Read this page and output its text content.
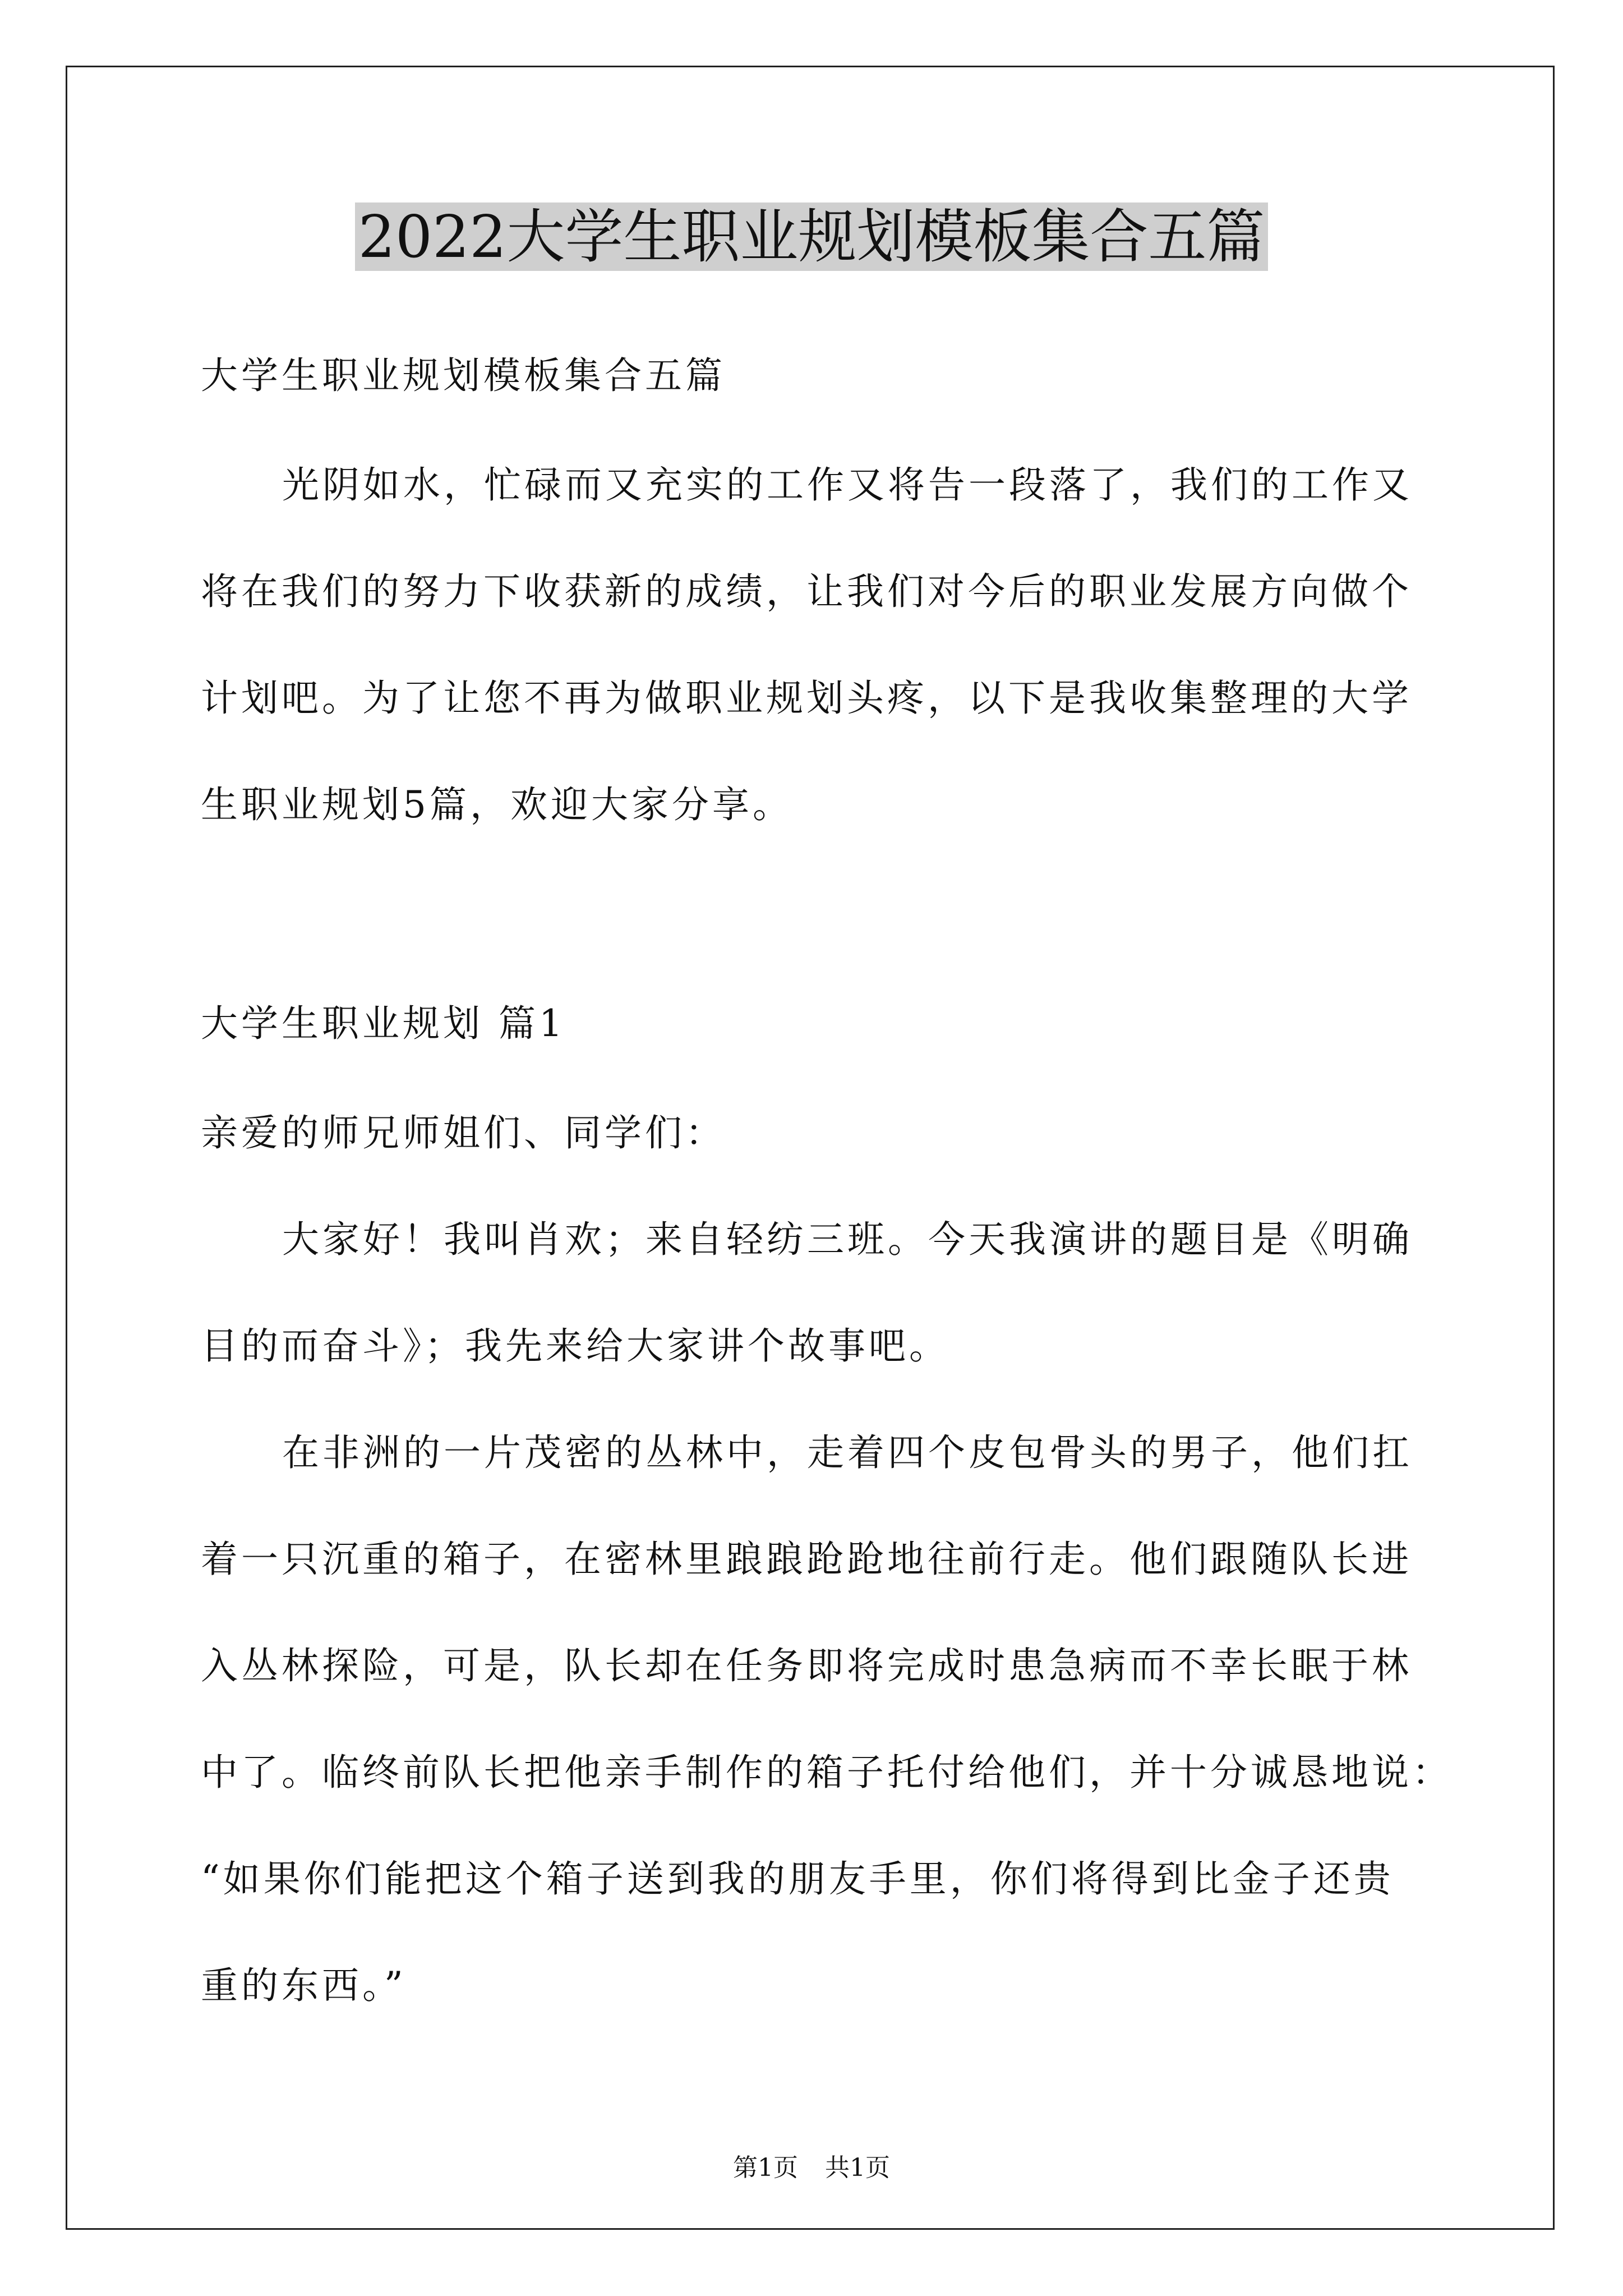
2022大学生职业规划模板集合五篇
大学生职业规划模板集合五篇
光阴如水，忙碌而又充实的工作又将告一段落了，我们的工作又
将在我们的努力下收获新的成绩，让我们对今后的职业发展方向做个
计划吧。为了让您不再为做职业规划头疼，以下是我收集整理的大学
生职业规划5篇，欢迎大家分享。
大学生职业规划 篇1
亲爱的师兄师姐们、同学们：
大家好！我叫肖欢；来自轻纺三班。今天我演讲的题目是《明确
目的而奋斗》；我先来给大家讲个故事吧。
在非洲的一片茂密的丛林中，走着四个皮包骨头的男子，他们扛
着一只沉重的箱子，在密林里踉踉跄跄地往前行走。他们跟随队长进
入丛林探险，可是，队长却在任务即将完成时患急病而不幸长眠于林
中了。临终前队长把他亲手制作的箱子托付给他们，并十分诚恳地说：
“如果你们能把这个箱子送到我的朋友手里，你们将得到比金子还贵
重的东西。”
第1页 共1页
